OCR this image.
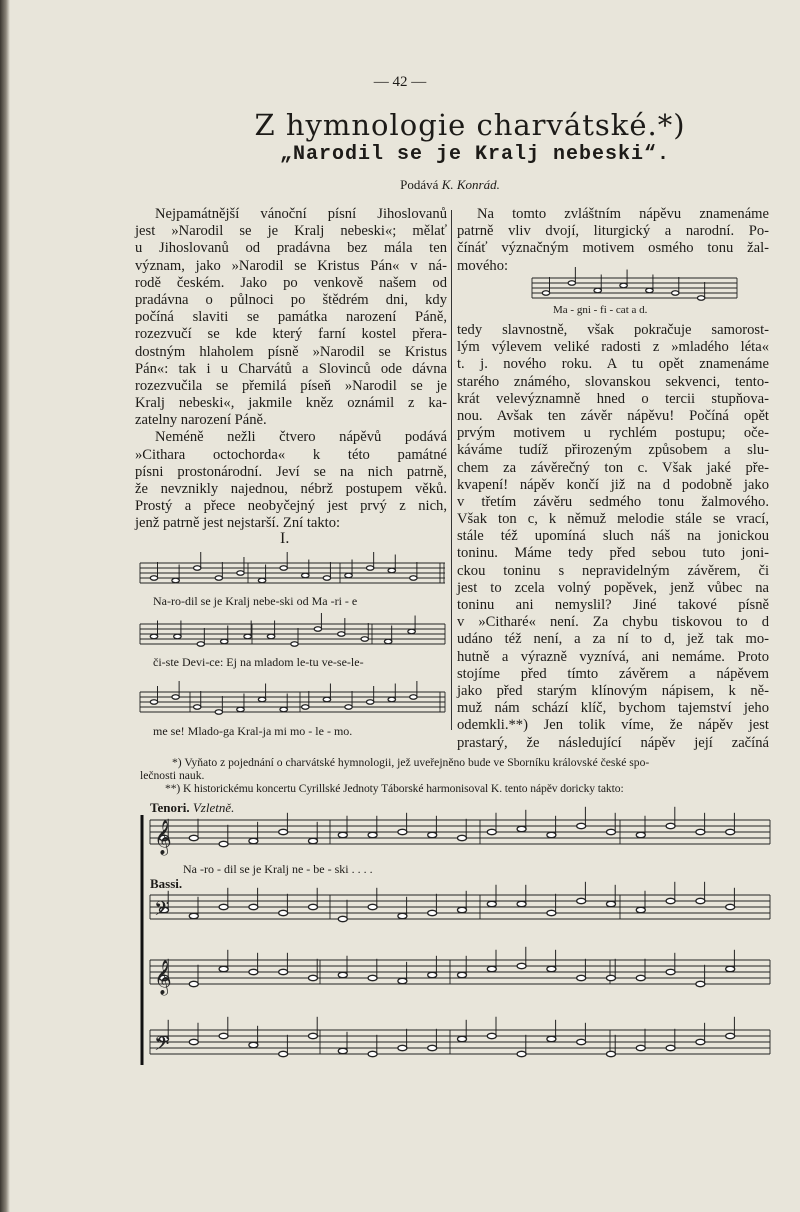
— 42 —
Z hymnologie charvátské.*)
„Narodil se je Kralj nebeski“.
Podává K. Konrád.
Nejpamátnější vánoční písní Jihoslovanů
jest »Narodil se je Kralj nebeski«; mělať
u Jihoslovanů od pradávna bez mála ten
význam, jako »Narodil se Kristus Pán« v ná-
rodě českém. Jako po venkově našem od
pradávna o půlnoci po štědrém dni, kdy
počíná slaviti se památka narození Páně,
rozezvučí se kde který farní kostel přera-
dostným hlaholem písně »Narodil se Kristus
Pán«: tak i u Charvátů a Slovinců ode dávna
rozezvučila se přemilá píseň »Narodil se je
Kralj nebeski«, jakmile kněz oznámil z ka-
zatelny narození Páně.
Neméně nežli čtvero nápěvů podává
»Cithara octochorda« k této památné
písni prostonárodní. Jeví se na nich patrně,
že nevznikly najednou, nébrž postupem věků.
Prostý a přece neobyčejný jest prvý z nich,
jenž patrně jest nejstarší. Zní takto:
I.
Na-ro-dil se je Kralj nebe-ski od Ma -ri - e
či-ste Devi-ce: Ej na mladom le-tu ve-se-le-
me se! Mlado-ga Kral-ja mi mo - le - mo.
Na tomto zvláštním nápěvu znamenáme
patrně vliv dvojí, liturgický a narodní. Po-
čínáť význačným motivem osmého tonu žal-
mového:
Ma - gni - fi - cat a d.
tedy slavnostně, však pokračuje samorost-
lým výlevem veliké radosti z »mladého léta«
t. j. nového roku. A tu opět znamenáme
starého známého, slovanskou sekvenci, tento-
krát velevýznamně hned o tercii stupňova-
nou. Avšak ten závěr nápěvu! Počíná opět
prvým motivem u rychlém postupu; oče-
káváme tudíž přirozeným způsobem a slu-
chem za závěrečný ton c. Však jaké pře-
kvapení! nápěv končí již na d podobně jako
v třetím závěru sedmého tonu žalmového.
Však ton c, k němuž melodie stále se vrací,
stále též upomíná sluch náš na jonickou
toninu. Máme tedy před sebou tuto joni-
ckou toninu s nepravidelným závěrem, či
jest to zcela volný popěvek, jenž vůbec na
toninu ani nemyslil? Jiné takové písně
v »Citharé« není. Za chybu tiskovou to d
udáno též není, a za ní to d, jež tak mo-
hutně a výrazně vyznívá, ani nemáme. Proto
stojíme před tímto závěrem a nápěvem
jako před starým klínovým nápisem, k ně-
muž nám schází klíč, bychom tajemství jeho
odemkli.**) Jen tolik víme, že nápěv jest
prastarý, že následující nápěv její začíná
*) Vyňato z pojednání o charvátské hymnologii, jež uveřejněno bude ve Sborníku královské české spo-
lečnosti nauk.
**) K historickému koncertu Cyrillské Jednoty Táborské harmonisoval K. tento nápěv doricky takto:
Tenori. Vzletně.
Na -ro - dil se je Kralj ne - be - ski . . . .
Bassi.
𝄞
𝄢
𝄞
𝄢
